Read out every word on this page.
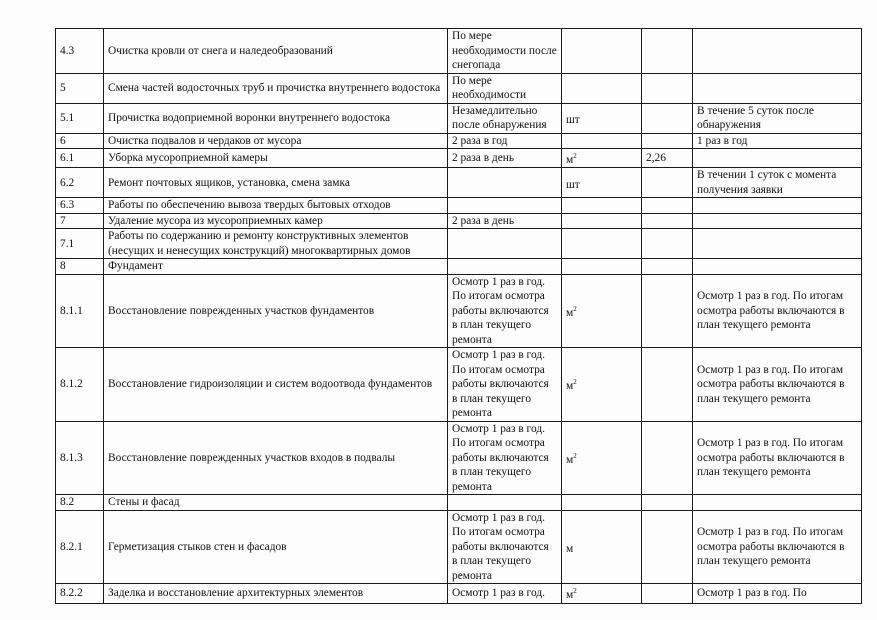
4.3	Очистка кровли от снега и наледеобразований	По мере необходимости после снегопада			
5	Смена частей водосточных труб и прочистка внутреннего водостока	По мере необходимости			
5.1	Прочистка водоприемной воронки внутреннего водостока	Незамедлительно после обнаружения	шт		В течение 5 суток после обнаружения
6	Очистка подвалов и чердаков от мусора	2 раза в год			1 раз в год
6.1	Уборка мусороприемной камеры	2 раза в день	$м^2$	2,26	
6.2	Ремонт почтовых ящиков, установка, смена замка		шт		В течении 1 суток с момента получения заявки
6.3	Работы по обеспечению вывоза твердых бытовых отходов				
7	Удаление мусора из мусороприемных камер	2 раза в день			
7.1	Работы по содержанию и ремонту конструктивных элементов (несущих и ненесущих конструкций) многоквартирных домов				
8	Фундамент				
8.1.1	Восстановление поврежденных участков фундаментов	Осмотр 1 раз в год. По итогам осмотра работы включаются в план текущего ремонта	$м^2$		Осмотр 1 раз в год. По итогам осмотра работы включаются в план текущего ремонта
8.1.2	Восстановление гидроизоляции и систем водоотвода фундаментов	Осмотр 1 раз в год. По итогам осмотра работы включаются в план текущего ремонта	$м^2$		Осмотр 1 раз в год. По итогам осмотра работы включаются в план текущего ремонта
8.1.3	Восстановление поврежденных участков входов в подвалы	Осмотр 1 раз в год. По итогам осмотра работы включаются в план текущего ремонта	$м^2$		Осмотр 1 раз в год. По итогам осмотра работы включаются в план текущего ремонта
8.2	Стены и фасад				
8.2.1	Герметизация стыков стен и фасадов	Осмотр 1 раз в год. По итогам осмотра работы включаются в план текущего ремонта	м		Осмотр 1 раз в год. По итогам осмотра работы включаются в план текущего ремонта
8.2.2	Заделка и восстановление архитектурных элементов	Осмотр 1 раз в год.	$м^2$		Осмотр 1 раз в год. По
